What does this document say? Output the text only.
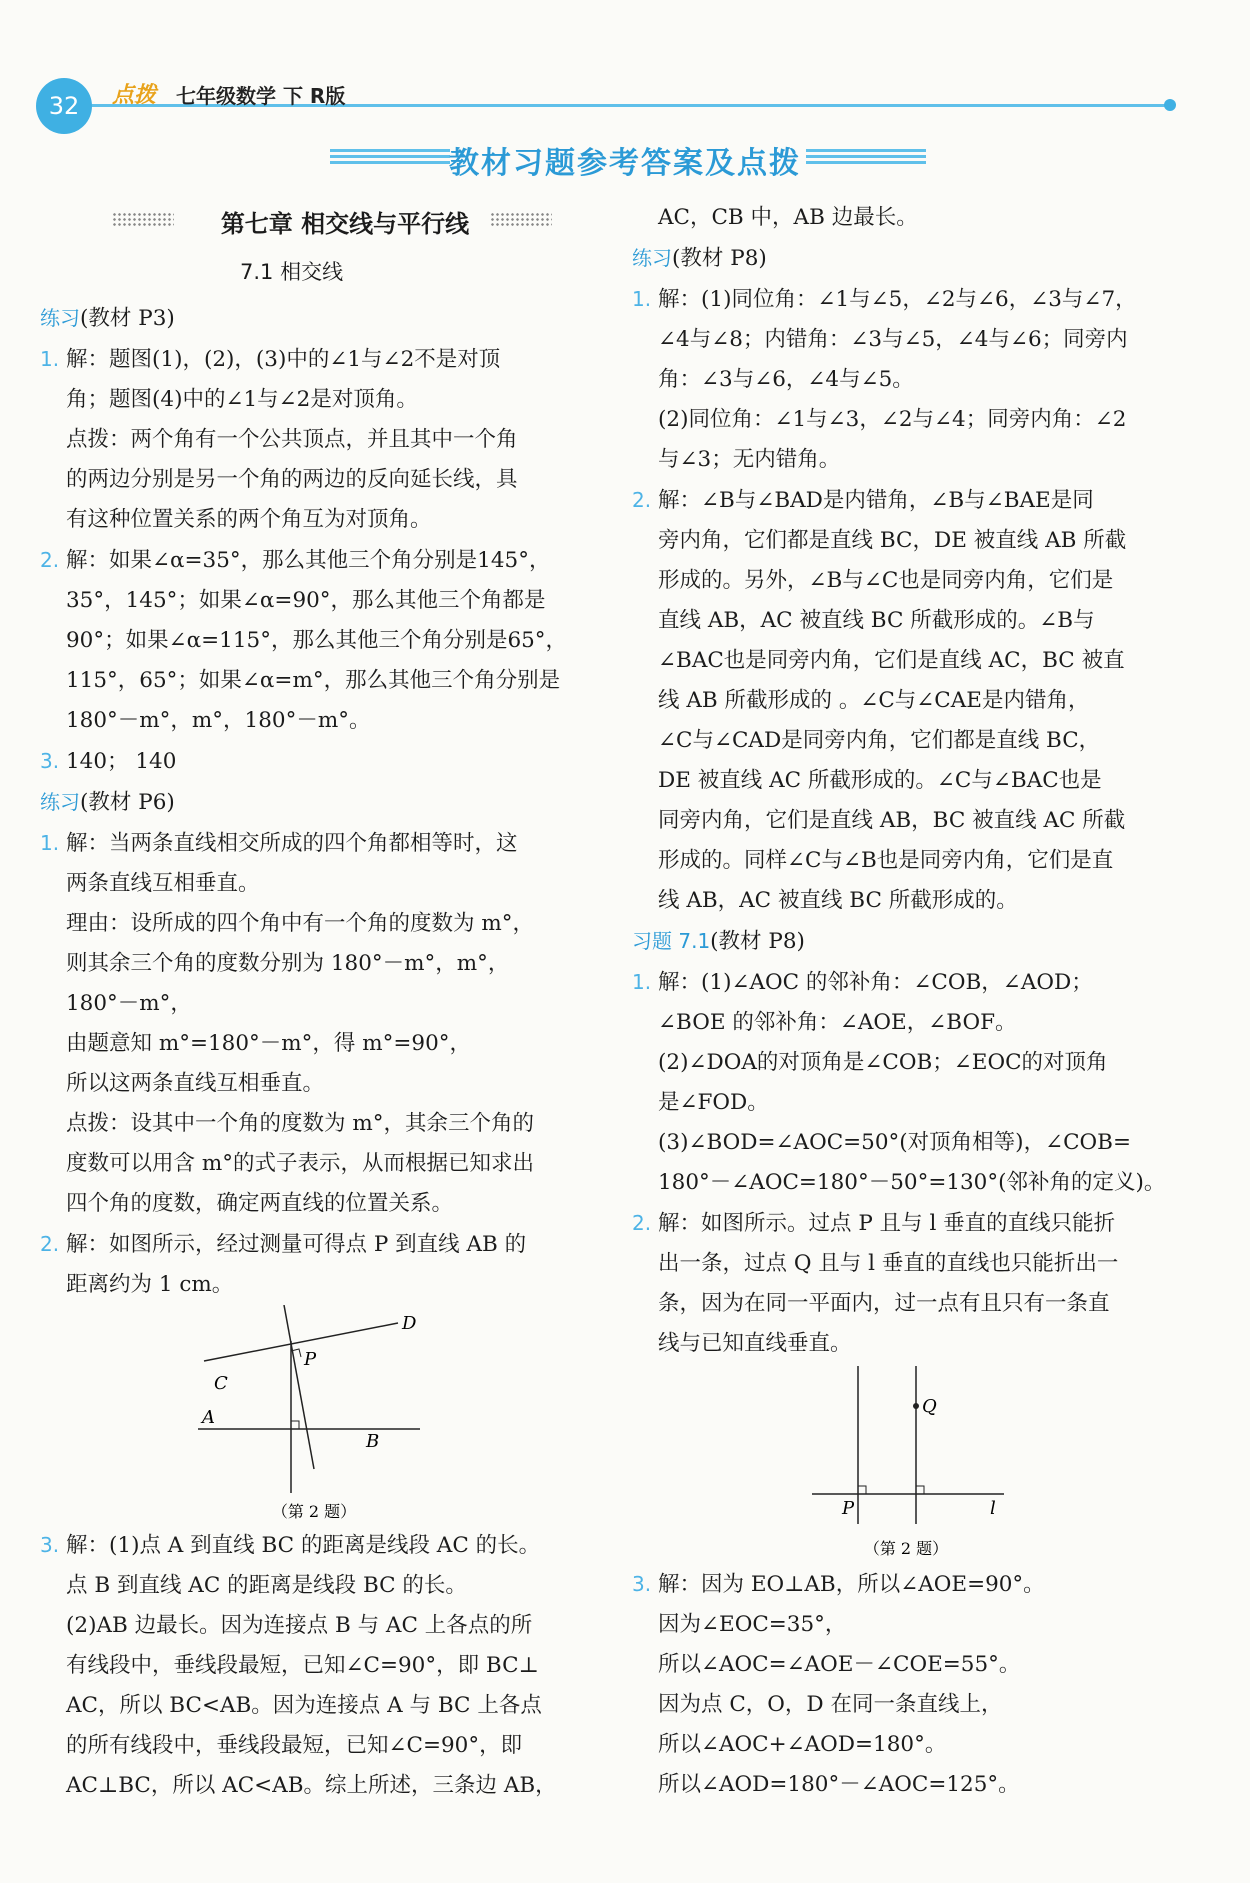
32	点拨 七年级数学 下 R版
教材习题参考答案及点拨
第七章 相交线与平行线
7.1 相交线
练习(教材 P3)
1. 解：题图(1)，(2)，(3)中的∠1与∠2不是对顶
角；题图(4)中的∠1与∠2是对顶角。
点拨：两个角有一个公共顶点，并且其中一个角
的两边分别是另一个角的两边的反向延长线，具
有这种位置关系的两个角互为对顶角。
2. 解：如果∠α=35°，那么其他三个角分别是145°，
35°，145°；如果∠α=90°，那么其他三个角都是
90°；如果∠α=115°，那么其他三个角分别是65°，
115°，65°；如果∠α=m°，那么其他三个角分别是
180°－m°，m°，180°－m°。
3. 140； 140
练习(教材 P6)
1. 解：当两条直线相交所成的四个角都相等时，这
两条直线互相垂直。
理由：设所成的四个角中有一个角的度数为 m°，
则其余三个角的度数分别为 180°－m°，m°，
180°－m°，
由题意知 m°=180°－m°，得 m°=90°，
所以这两条直线互相垂直。
点拨：设其中一个角的度数为 m°，其余三个角的
度数可以用含 m°的式子表示，从而根据已知求出
四个角的度数，确定两直线的位置关系。
2. 解：如图所示，经过测量可得点 P 到直线 AB 的
距离约为 1 cm。
D
P
C
A
B
（第 2 题）
3. 解：(1)点 A 到直线 BC 的距离是线段 AC 的长。
点 B 到直线 AC 的距离是线段 BC 的长。
(2)AB 边最长。因为连接点 B 与 AC 上各点的所
有线段中，垂线段最短，已知∠C=90°，即 BC⊥
AC，所以 BC<AB。因为连接点 A 与 BC 上各点
的所有线段中，垂线段最短，已知∠C=90°，即
AC⊥BC，所以 AC<AB。综上所述，三条边 AB，
AC，CB 中，AB 边最长。
练习(教材 P8)
1. 解：(1)同位角：∠1与∠5，∠2与∠6，∠3与∠7，
∠4与∠8；内错角：∠3与∠5，∠4与∠6；同旁内
角：∠3与∠6，∠4与∠5。
(2)同位角：∠1与∠3，∠2与∠4；同旁内角：∠2
与∠3；无内错角。
2. 解：∠B与∠BAD是内错角，∠B与∠BAE是同
旁内角，它们都是直线 BC，DE 被直线 AB 所截
形成的。另外，∠B与∠C也是同旁内角，它们是
直线 AB，AC 被直线 BC 所截形成的。∠B与
∠BAC也是同旁内角，它们是直线 AC，BC 被直
线 AB 所截形成的 。∠C与∠CAE是内错角，
∠C与∠CAD是同旁内角，它们都是直线 BC，
DE 被直线 AC 所截形成的。∠C与∠BAC也是
同旁内角，它们是直线 AB，BC 被直线 AC 所截
形成的。同样∠C与∠B也是同旁内角，它们是直
线 AB，AC 被直线 BC 所截形成的。
习题 7.1(教材 P8)
1. 解：(1)∠AOC 的邻补角：∠COB，∠AOD；
∠BOE 的邻补角：∠AOE，∠BOF。
(2)∠DOA的对顶角是∠COB；∠EOC的对顶角
是∠FOD。
(3)∠BOD=∠AOC=50°(对顶角相等)，∠COB=
180°－∠AOC=180°－50°=130°(邻补角的定义)。
2. 解：如图所示。过点 P 且与 l 垂直的直线只能折
出一条，过点 Q 且与 l 垂直的直线也只能折出一
条，因为在同一平面内，过一点有且只有一条直
线与已知直线垂直。
Q
P	l
（第 2 题）
3. 解：因为 EO⊥AB，所以∠AOE=90°。
因为∠EOC=35°，
所以∠AOC=∠AOE－∠COE=55°。
因为点 C，O，D 在同一条直线上，
所以∠AOC+∠AOD=180°。
所以∠AOD=180°－∠AOC=125°。
